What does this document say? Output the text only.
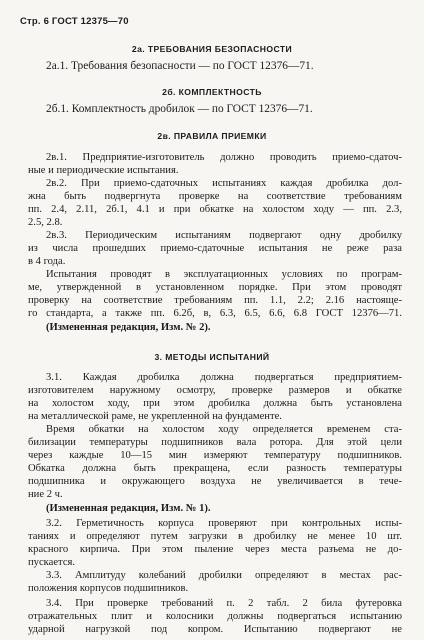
Стр. 6 ГОСТ 12375—70
2а. ТРЕБОВАНИЯ БЕЗОПАСНОСТИ
2а.1. Требования безопасности — по ГОСТ 12376—71.
2б. КОМПЛЕКТНОСТЬ
2б.1. Комплектность дробилок — по ГОСТ 12376—71.
2в. ПРАВИЛА ПРИЕМКИ
2в.1. Предприятие-изготовитель должно проводить приемо-сдаточ-
ные и периодические испытания.
2в.2. При приемо-сдаточных испытаниях каждая дробилка дол-
жна быть подвергнута проверке на соответствие требованиям
пп. 2.4, 2.11, 2б.1, 4.1 и при обкатке на холостом ходу — пп. 2.3,
2.5, 2.8.
2в.3. Периодическим испытаниям подвергают одну дробилку
из числа прошедших приемо-сдаточные испытания не реже раза
в 4 года.
Испытания проводят в эксплуатационных условиях по програм-
ме, утвержденной в установленном порядке. При этом проводят
проверку на соответствие требованиям пп. 1.1, 2.2; 2.16 настояще-
го стандарта, а также пп. 6.2б, в, 6.3, 6.5, 6.6, 6.8 ГОСТ 12376—71.
(Измененная редакция, Изм. № 2).
3. МЕТОДЫ ИСПЫТАНИЙ
3.1. Каждая дробилка должна подвергаться предприятием-
изготовителем наружному осмотру, проверке размеров и обкатке
на холостом ходу, при этом дробилка должна быть установлена
на металлической раме, не укрепленной на фундаменте.
Время обкатки на холостом ходу определяется временем ста-
билизации температуры подшипников вала ротора. Для этой цели
через каждые 10—15 мин измеряют температуру подшипников.
Обкатка должна быть прекращена, если разность температуры
подшипника и окружающего воздуха не увеличивается в тече-
ние 2 ч.
(Измененная редакция, Изм. № 1).
3.2. Герметичность корпуса проверяют при контрольных испы-
таниях и определяют путем загрузки в дробилку не менее 10 шт.
красного кирпича. При этом пыление через места разъема не до-
пускается.
3.3. Амплитуду колебаний дробилки определяют в местах рас-
положения корпусов подшипников.
3.4. При проверке требований п. 2 табл. 2 била футеровка
отражательных плит и колосники должны подвергаться испытанию
ударной нагрузкой под копром. Испытанию подвергают не
